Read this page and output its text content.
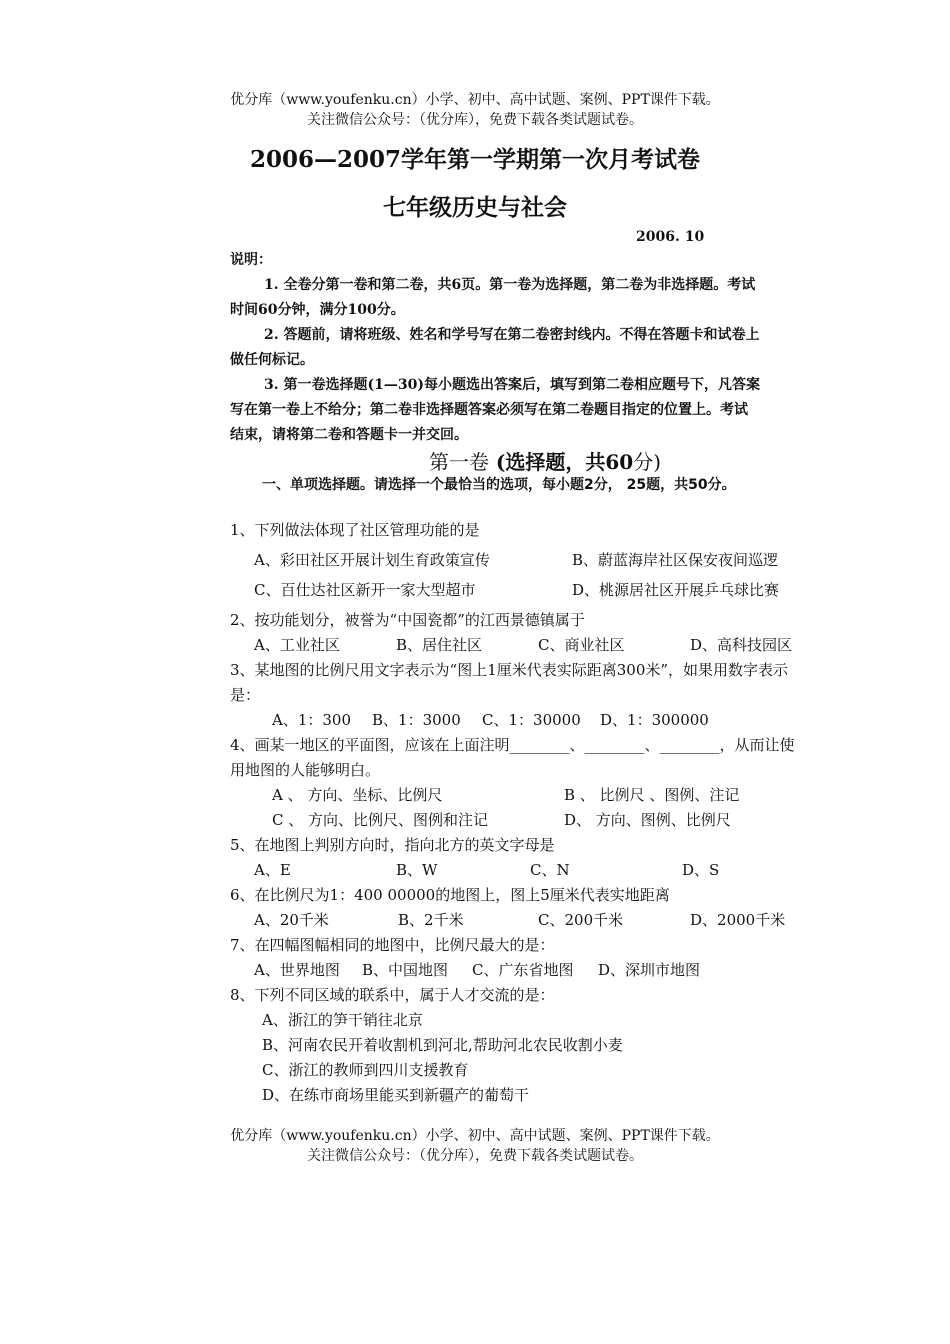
优分库（www.youfenku.cn）小学、初中、高中试题、案例、PPT课件下载。
关注微信公众号：（优分库），免费下载各类试题试卷。
2006—2007学年第一学期第一次月考试卷
七年级历史与社会
2006. 10
说明：
1. 全卷分第一卷和第二卷，共6页。第一卷为选择题，第二卷为非选择题。考试
时间60分钟，满分100分。
2. 答题前，请将班级、姓名和学号写在第二卷密封线内。不得在答题卡和试卷上
做任何标记。
3. 第一卷选择题(1—30)每小题选出答案后，填写到第二卷相应题号下，凡答案
写在第一卷上不给分；第二卷非选择题答案必须写在第二卷题目指定的位置上。考试
结束，请将第二卷和答题卡一并交回。
第一卷 (选择题，共60分)
一、单项选择题。请选择一个最恰当的选项，每小题2分， 25题，共50分。
1、下列做法体现了社区管理功能的是
A、彩田社区开展计划生育政策宣传	B、蔚蓝海岸社区保安夜间巡逻
C、百仕达社区新开一家大型超市	D、桃源居社区开展乒乓球比赛
2、按功能划分，被誉为“中国瓷都”的江西景德镇属于
A、工业社区	B、居住社区	C、商业社区	D、高科技园区
3、某地图的比例尺用文字表示为“图上1厘米代表实际距离300米”，如果用数字表示
是：
A、1：300 B、1：3000 C、1：30000 D、1：300000
4、画某一地区的平面图，应该在上面注明________、________、________，从而让使
用地图的人能够明白。
A 、 方向、坐标、比例尺	B 、 比例尺 、图例、注记
C 、 方向、比例尺、图例和注记	D、 方向、图例、比例尺
5、在地图上判别方向时，指向北方的英文字母是
A、E	B、W	C、N	D、S
6、在比例尺为1：400 00000的地图上，图上5厘米代表实地距离
A、20千米	B、2千米	C、200千米	D、2000千米
7、在四幅图幅相同的地图中，比例尺最大的是：
A、世界地图 B、中国地图 C、广东省地图 D、深圳市地图
8、下列不同区域的联系中，属于人才交流的是：
A、浙江的笋干销往北京
B、河南农民开着收割机到河北,帮助河北农民收割小麦
C、浙江的教师到四川支援教育
D、在练市商场里能买到新疆产的葡萄干
优分库（www.youfenku.cn）小学、初中、高中试题、案例、PPT课件下载。
关注微信公众号：（优分库），免费下载各类试题试卷。
